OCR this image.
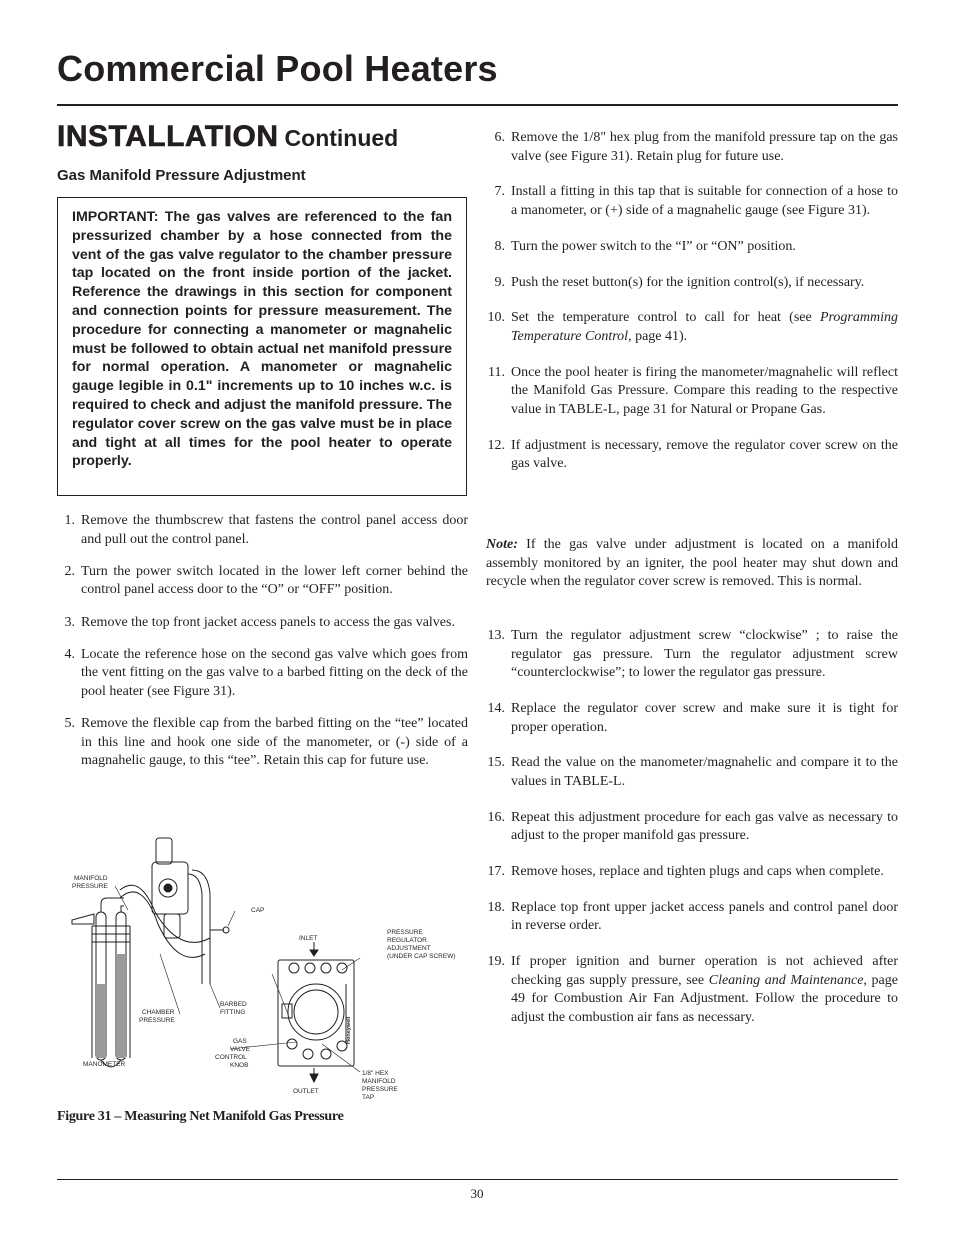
Commercial Pool Heaters
INSTALLATION Continued
Gas Manifold Pressure Adjustment
IMPORTANT: The gas valves are referenced to the fan pressurized chamber by a hose connected from the vent of the gas valve regulator to the chamber pressure tap located on the front inside portion of the jacket. Reference the drawings in this section for component and connection points for pressure measurement. The procedure for connecting a manometer or magnahelic must be followed to obtain actual net manifold pressure for normal operation. A manometer or magnahelic gauge legible in 0.1" increments up to 10 inches w.c. is required to check and adjust the manifold pressure. The regulator cover screw on the gas valve must be in place and tight at all times for the pool heater to operate properly.
1. Remove the thumbscrew that fastens the control panel access door and pull out the control panel.
2. Turn the power switch located in the lower left corner behind the control panel access door to the “O” or “OFF” position.
3. Remove the top front jacket access panels to access the gas valves.
4. Locate the reference hose on the second gas valve which goes from the vent fitting on the gas valve to a barbed fitting on the deck of the pool heater (see Figure 31).
5. Remove the flexible cap from the barbed fitting on the “tee” located in this line and hook one side of the manometer, or (-) side of a magnahelic gauge, to this “tee”. Retain this cap for future use.
6. Remove the 1/8" hex plug from the manifold pressure tap on the gas valve (see Figure 31). Retain plug for future use.
7. Install a fitting in this tap that is suitable for connection of a hose to a manometer, or (+) side of a magnahelic gauge (see Figure 31).
8. Turn the power switch to the “I” or “ON” position.
9. Push the reset button(s) for the ignition control(s), if necessary.
10. Set the temperature control to call for heat (see Programming Temperature Control, page 41).
11. Once the pool heater is firing the manometer/magnahelic will reflect the Manifold Gas Pressure. Compare this reading to the respective value in TABLE-L, page 31 for Natural or Propane Gas.
12. If adjustment is necessary, remove the regulator cover screw on the gas valve.

Note: If the gas valve under adjustment is located on a manifold assembly monitored by an igniter, the pool heater may shut down and recycle when the regulator cover screw is removed. This is normal.

13. Turn the regulator adjustment screw “clockwise” ; to raise the regulator gas pressure. Turn the regulator adjustment screw “counterclockwise”; to lower the regulator gas pressure.
14. Replace the regulator cover screw and make sure it is tight for proper operation.
15. Read the value on the manometer/magnahelic and compare it to the values in TABLE-L.
16. Repeat this adjustment procedure for each gas valve as necessary to adjust to the proper manifold gas pressure.
17. Remove hoses, replace and tighten plugs and caps when complete.
18. Replace top front upper jacket access panels and control panel door in reverse order.
19. If proper ignition and burner operation is not achieved after checking gas supply pressure, see Cleaning and Maintenance, page 49 for Combustion Air Fan Adjustment. Follow the procedure to adjust the combustion air fans as necessary.
MANIFOLD
PRESSURE
CAP
INLET
PRESSURE
REGULATOR
ADJUSTMENT
(UNDER CAP SCREW)
BARBED
FITTING
CHAMBER
PRESSURE
GAS
VALVE
CONTROL
KNOB
MANOMETER
OUTLET
1/8" HEX
MANIFOLD
PRESSURE
TAP
Honeywell

Figure 31 – Measuring Net Manifold Gas Pressure

30
